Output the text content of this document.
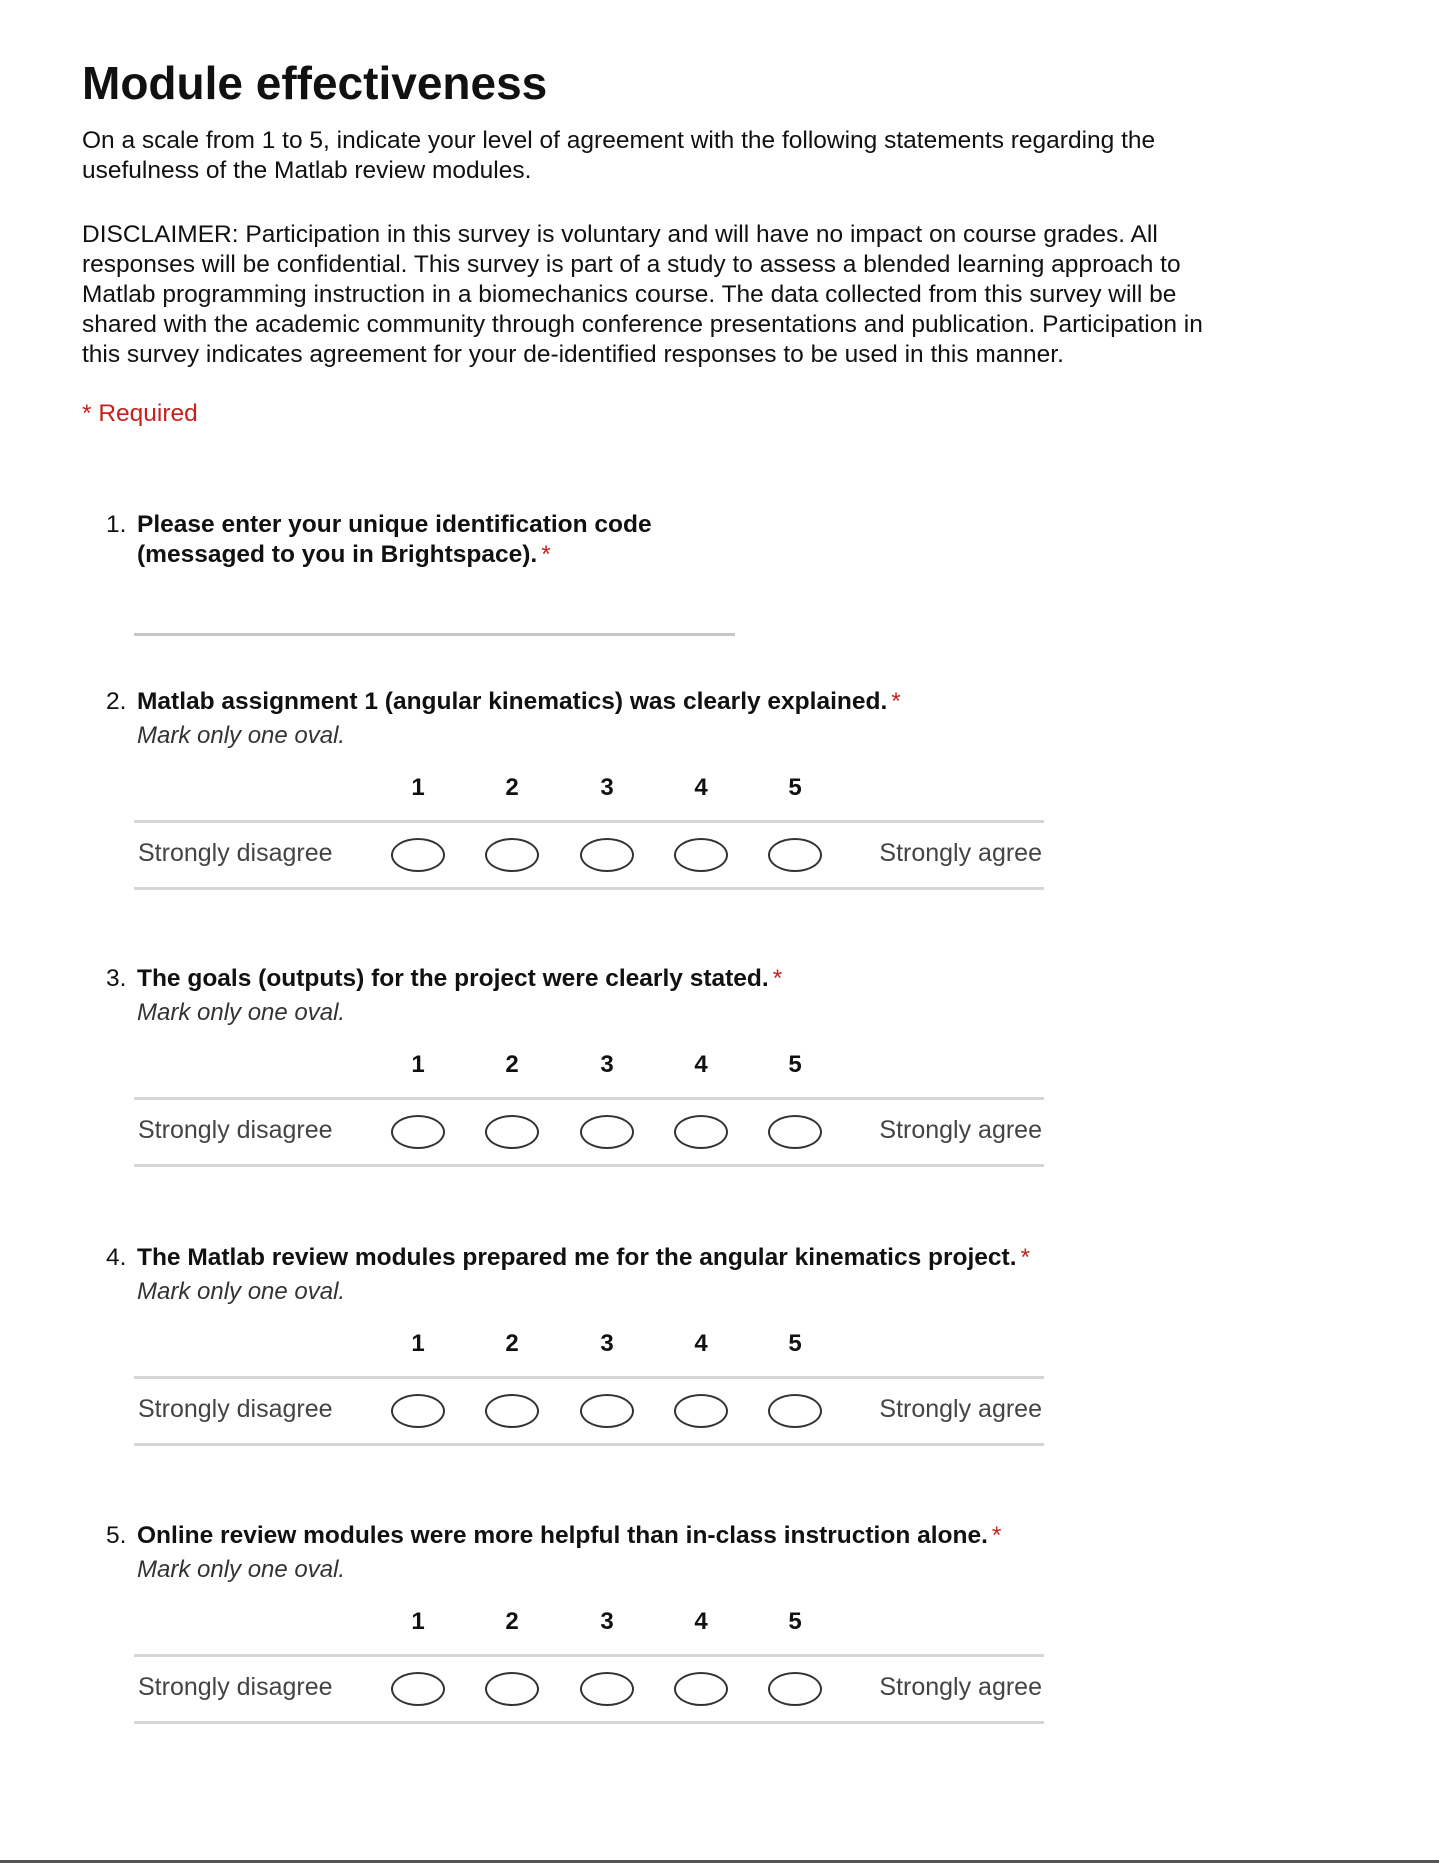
Module effectiveness

On a scale from 1 to 5, indicate your level of agreement with the following statements regarding the

usefulness of the Matlab review modules.

DISCLAIMER: Participation in this survey is voluntary and will have no impact on course grades. All

responses will be confidential. This survey is part of a study to assess a blended learning approach to

Matlab programming instruction in a biomechanics course. The data collected from this survey will be

shared with the academic community through conference presentations and publication. Participation in

this survey indicates agreement for your de-identified responses to be used in this manner.

* Required
1. Please enter your unique identification code
(messaged to you in Brightspace). *
2. Matlab assignment 1 (angular kinematics) was clearly explained. *
Mark only one oval.
1	2	3	4	5
Strongly disagree	Strongly agree
3. The goals (outputs) for the project were clearly stated. *
Mark only one oval.
1	2	3	4	5
Strongly disagree	Strongly agree
4. The Matlab review modules prepared me for the angular kinematics project. *
Mark only one oval.
1	2	3	4	5
Strongly disagree	Strongly agree
5. Online review modules were more helpful than in-class instruction alone. *
Mark only one oval.
1	2	3	4	5
Strongly disagree	Strongly agree
